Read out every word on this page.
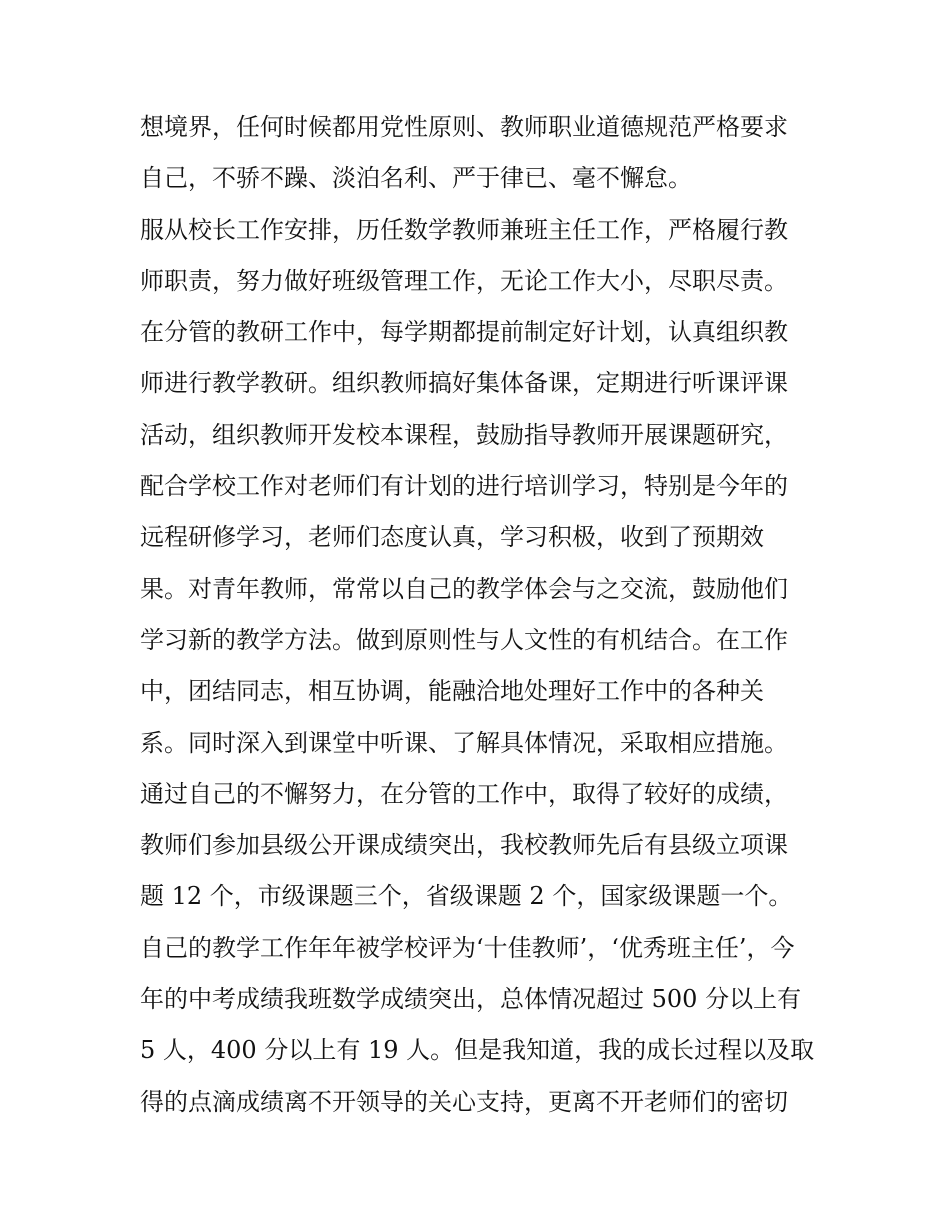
想境界，任何时候都用党性原则、教师职业道德规范严格要求
自己，不骄不躁、淡泊名利、严于律已、毫不懈怠。
服从校长工作安排，历任数学教师兼班主任工作，严格履行教
师职责，努力做好班级管理工作，无论工作大小，尽职尽责。
在分管的教研工作中，每学期都提前制定好计划，认真组织教
师进行教学教研。组织教师搞好集体备课，定期进行听课评课
活动，组织教师开发校本课程，鼓励指导教师开展课题研究，
配合学校工作对老师们有计划的进行培训学习，特别是今年的
远程研修学习，老师们态度认真，学习积极，收到了预期效
果。对青年教师，常常以自己的教学体会与之交流，鼓励他们
学习新的教学方法。做到原则性与人文性的有机结合。在工作
中，团结同志，相互协调，能融洽地处理好工作中的各种关
系。同时深入到课堂中听课、了解具体情况，采取相应措施。
通过自己的不懈努力，在分管的工作中，取得了较好的成绩，
教师们参加县级公开课成绩突出，我校教师先后有县级立项课
题 12 个，市级课题三个，省级课题 2 个，国家级课题一个。
自己的教学工作年年被学校评为‘十佳教师’，‘优秀班主任’，今
年的中考成绩我班数学成绩突出，总体情况超过 500 分以上有
5 人，400 分以上有 19 人。但是我知道，我的成长过程以及取
得的点滴成绩离不开领导的关心支持，更离不开老师们的密切
